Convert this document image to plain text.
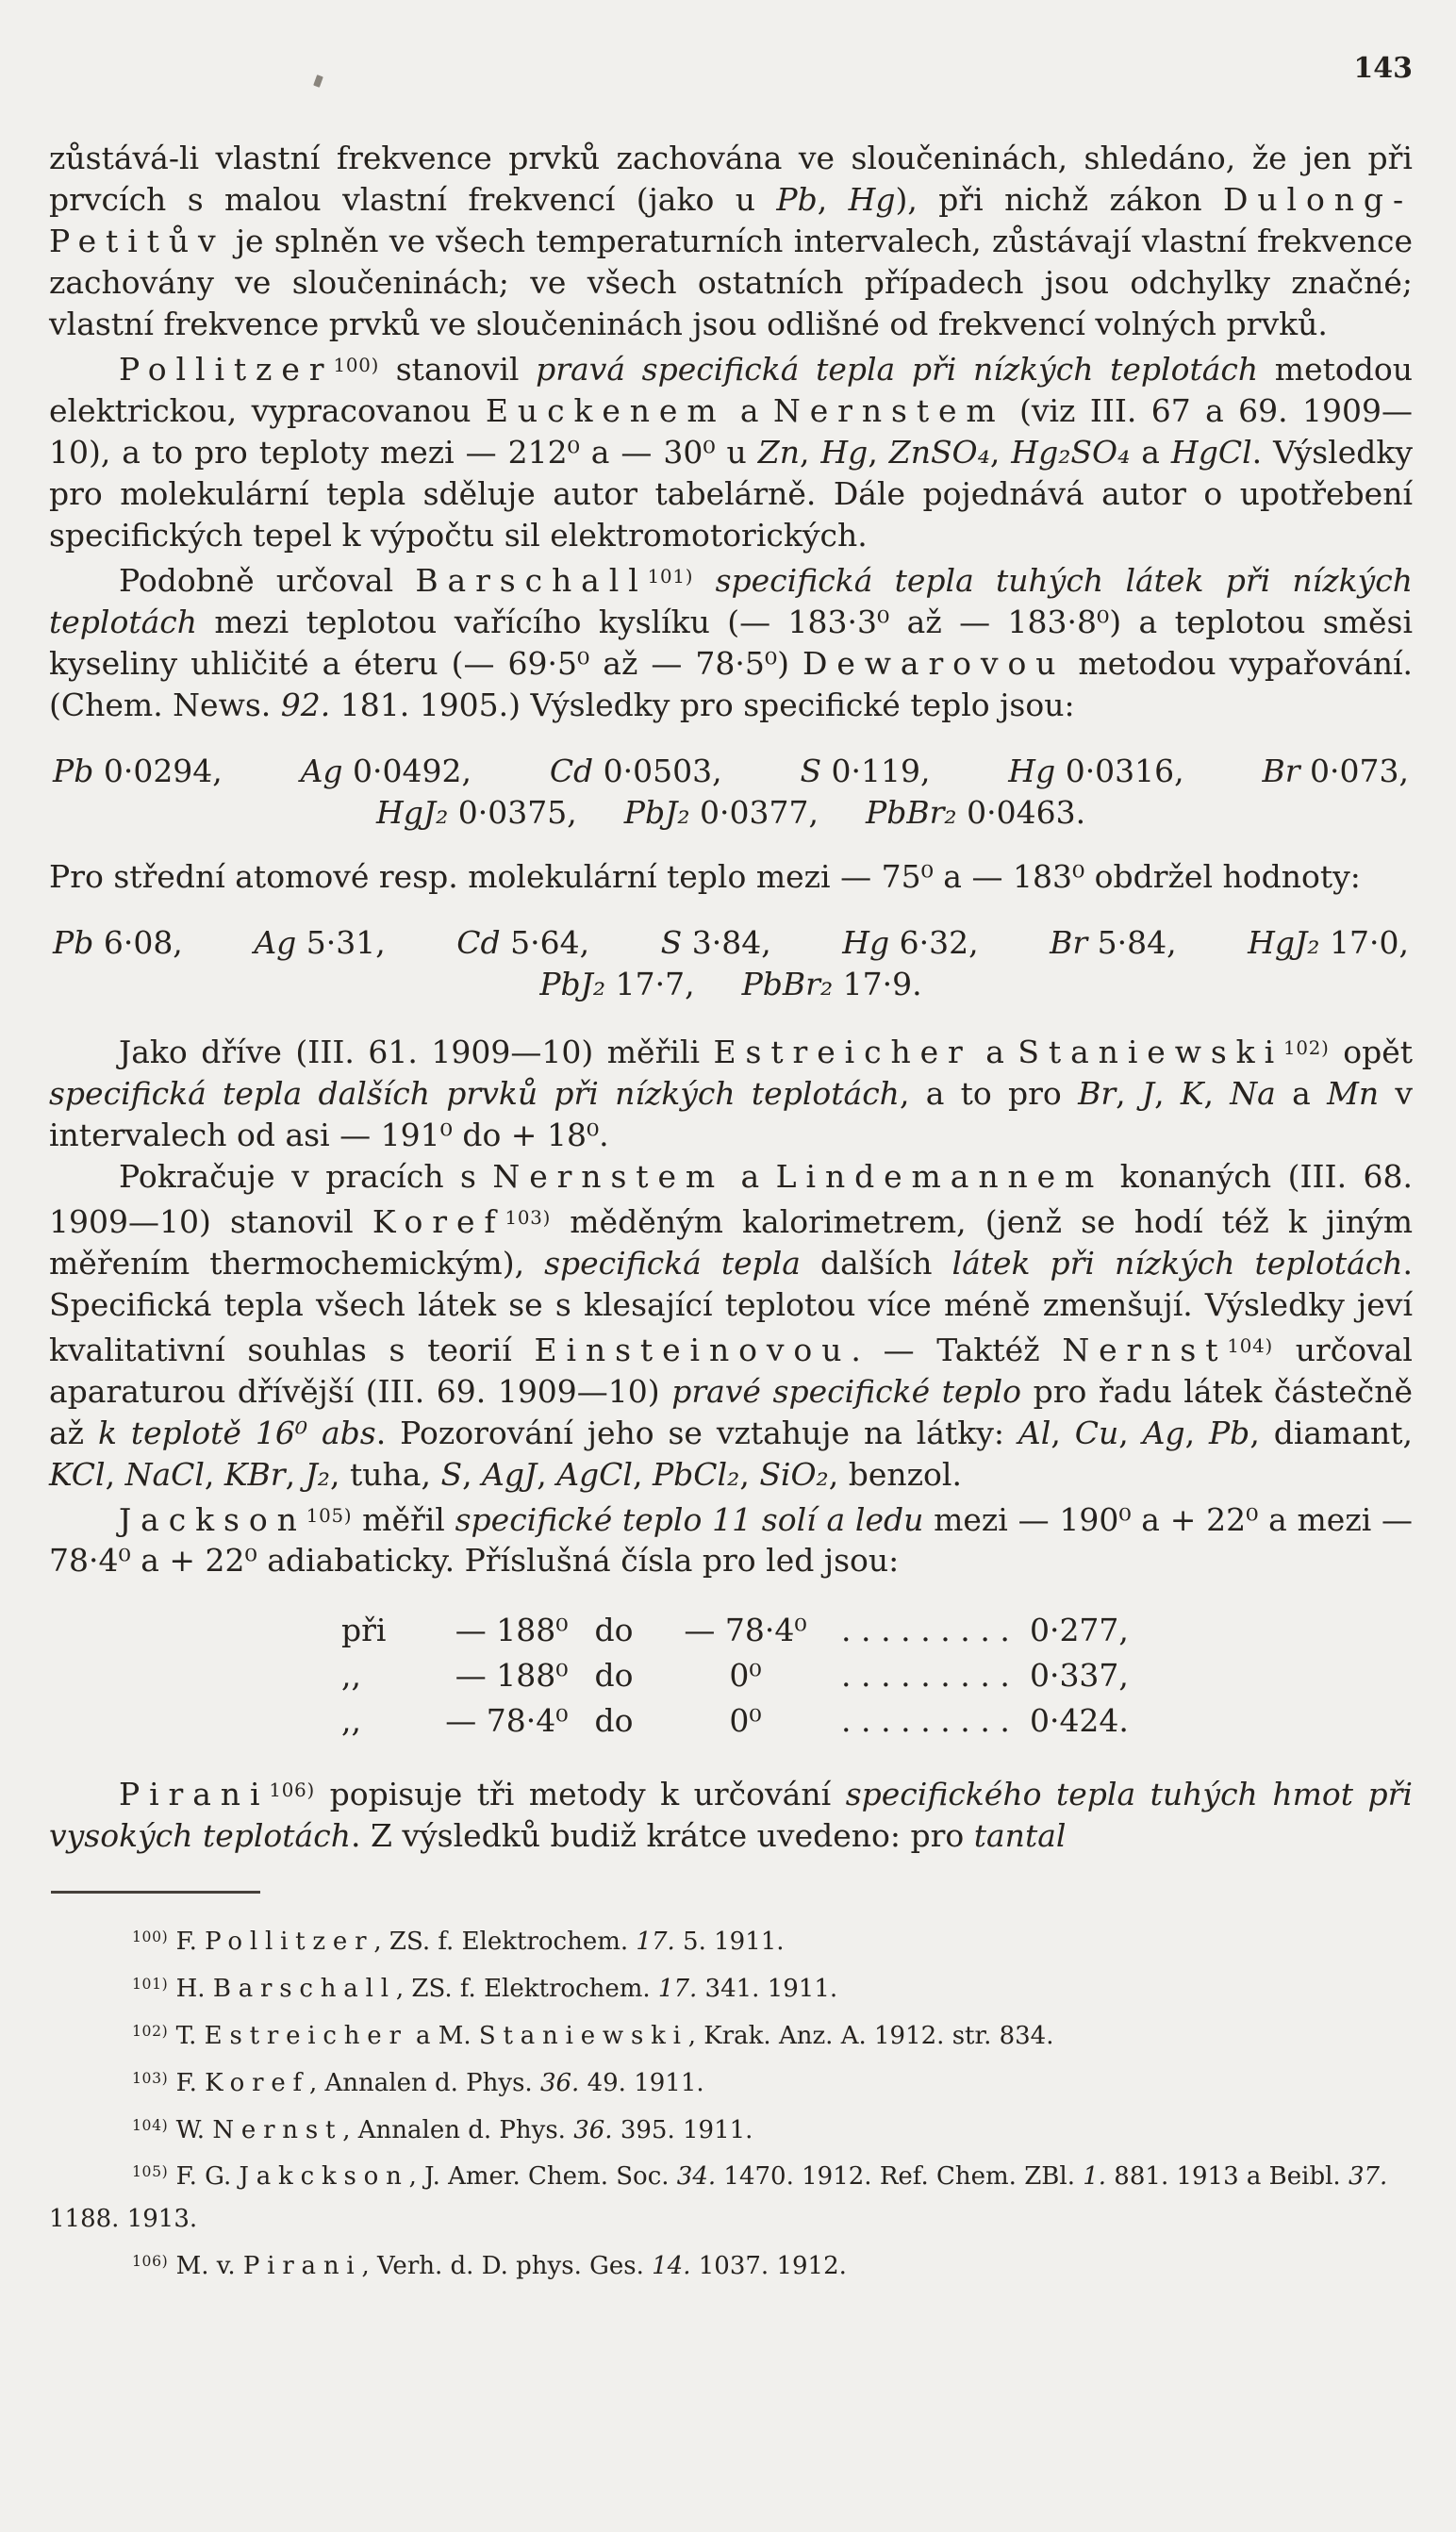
143

zůstává-li vlastní frekvence prvků zachována ve sloučeninách, shledáno, že jen při prvcích s malou vlastní frekvencí (jako u Pb, Hg), při nichž zákon Dulong-Petitův je splněn ve všech temperaturních intervalech, zůstávají vlastní frekvence zachovány ve sloučeninách; ve všech ostatních případech jsou odchylky značné; vlastní frekvence prvků ve sloučeninách jsou odlišné od frekvencí volných prvků.

Pollitzer$^{100)}$ stanovil pravá specifická tepla při nízkých teplotách metodou elektrickou, vypracovanou Euckenem a Nernstem (viz III. 67 a 69. 1909—10), a to pro teploty mezi — 212⁰ a — 30⁰ u Zn, Hg, ZnSO₄, Hg₂SO₄ a HgCl. Výsledky pro molekulární tepla sděluje autor tabelárně. Dále pojednává autor o upotřebení specifických tepel k výpočtu sil elektromotorických.

Podobně určoval Barschall$^{101)}$ specifická tepla tuhých látek při nízkých teplotách mezi teplotou vařícího kyslíku (— 183·3⁰ až — 183·8⁰) a teplotou směsi kyseliny uhličité a éteru (— 69·5⁰ až — 78·5⁰) Dewarovou metodou vypařování. (Chem. News. 92. 181. 1905.) Výsledky pro specifické teplo jsou:

Pb 0·0294,	Ag 0·0492,	Cd 0·0503,	S 0·119,	Hg 0·0316,	Br 0·073,
HgJ₂ 0·0375, PbJ₂ 0·0377, PbBr₂ 0·0463.

Pro střední atomové resp. molekulární teplo mezi — 75⁰ a — 183⁰ obdržel hodnoty:

Pb 6·08, Ag 5·31, Cd 5·64, S 3·84, Hg 6·32, Br 5·84, HgJ₂ 17·0,
PbJ₂ 17·7, PbBr₂ 17·9.

Jako dříve (III. 61. 1909—10) měřili Estreicher a Staniewski$^{102)}$ opět specifická tepla dalších prvků při nízkých teplotách, a to pro Br, J, K, Na a Mn v intervalech od asi — 191⁰ do + 18⁰.

Pokračuje v pracích s Nernstem a Lindemannem konaných (III. 68. 1909—10) stanovil Koref$^{103)}$ měděným kalorimetrem, (jenž se hodí též k jiným měřením thermochemickým), specifická tepla dalších látek při nízkých teplotách. Specifická tepla všech látek se s klesající teplotou více méně zmenšují. Výsledky jeví kvalitativní souhlas s teorií Einsteinovou. — Taktéž Nernst$^{104)}$ určoval aparaturou dřívější (III. 69. 1909—10) pravé specifické teplo pro řadu látek částečně až k teplotě 16⁰ abs. Pozorování jeho se vztahuje na látky: Al, Cu, Ag, Pb, diamant, KCl, NaCl, KBr, J₂, tuha, S, AgJ, AgCl, PbCl₂, SiO₂, benzol.

Jackson$^{105)}$ měřil specifické teplo 11 solí a ledu mezi — 190⁰ a + 22⁰ a mezi — 78·4⁰ a + 22⁰ adiabaticky. Příslušná čísla pro led jsou:

při — 188⁰ do — 78·4⁰ ......... 0·277,
,,	— 188⁰ do	0⁰	......... 0·337,
,,	— 78·4⁰ do	0⁰	......... 0·424.

Pirani$^{106)}$ popisuje tři metody k určování specifického tepla tuhých hmot při vysokých teplotách. Z výsledků budiž krátce uvedeno: pro tantal

$^{100)}$ F. Pollitzer, ZS. f. Elektrochem. 17. 5. 1911.

$^{101)}$ H. Barschall, ZS. f. Elektrochem. 17. 341. 1911.

$^{102)}$ T. Estreicher a M. Staniewski, Krak. Anz. A. 1912. str. 834.

$^{103)}$ F. Koref, Annalen d. Phys. 36. 49. 1911.

$^{104)}$ W. Nernst, Annalen d. Phys. 36. 395. 1911.

$^{105)}$ F. G. Jakckson, J. Amer. Chem. Soc. 34. 1470. 1912. Ref. Chem. ZBl. 1. 881. 1913 a Beibl. 37. 1188. 1913.

$^{106)}$ M. v. Pirani, Verh. d. D. phys. Ges. 14. 1037. 1912.
